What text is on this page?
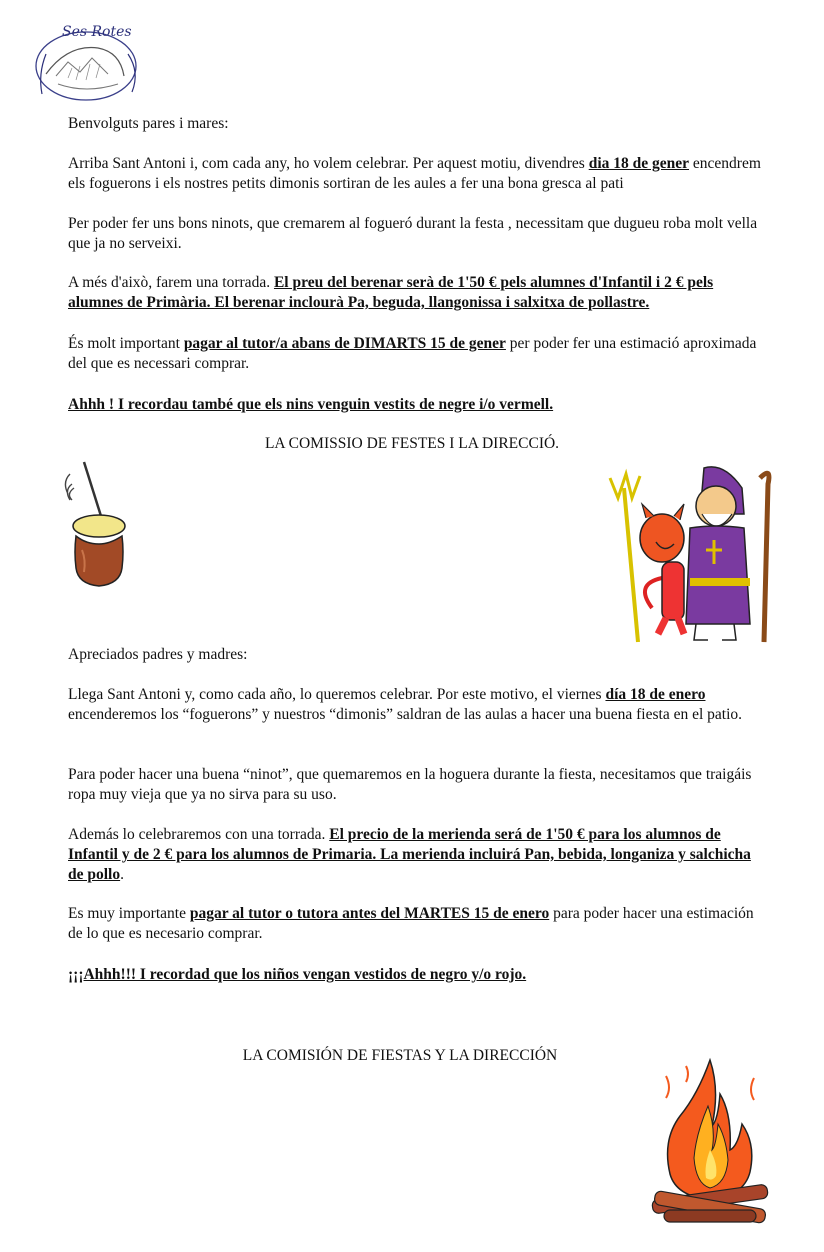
Ses Rotes

Benvolguts pares i mares:

Arriba Sant Antoni i, com cada any, ho volem celebrar. Per aquest motiu, divendres dia 18 de gener encendrem els foguerons i els nostres petits dimonis sortiran de les aules a fer una bona gresca al pati

Per poder fer uns bons ninots, que cremarem al fogueró durant la festa , necessitam que dugueu roba molt vella que ja no serveixi.

A més d'això, farem una torrada. El preu del berenar serà de 1'50 € pels alumnes d'Infantil i 2 € pels alumnes de Primària. El berenar inclourà Pa, beguda, llangonissa i salxitxa de pollastre.

És molt important pagar al tutor/a abans de DIMARTS 15 de gener per poder fer una estimació aproximada del que es necessari comprar.

Ahhh ! I recordau també que els nins venguin vestits de negre i/o vermell.

LA COMISSIO DE FESTES I LA DIRECCIÓ.

Apreciados padres y madres:

Llega Sant Antoni y, como cada año, lo queremos celebrar. Por este motivo, el viernes día 18 de enero encenderemos los “foguerons” y nuestros “dimonis” saldran de las aulas a hacer una buena fiesta en el patio.

Para poder hacer una buena “ninot”, que quemaremos en la hoguera durante la fiesta, necesitamos que traigáis ropa muy vieja que ya no sirva para su uso.

Además lo celebraremos con una torrada. El precio de la merienda será de 1'50 € para los alumnos de Infantil y de 2 € para los alumnos de Primaria. La merienda incluirá Pan, bebida, longaniza y salchicha de pollo.

Es muy importante pagar al tutor o tutora antes del MARTES 15 de enero para poder hacer una estimación de lo que es necesario comprar.

¡¡¡Ahhh!!! I recordad que los niños vengan vestidos de negro y/o rojo.

LA COMISIÓN DE FIESTAS Y LA DIRECCIÓN
